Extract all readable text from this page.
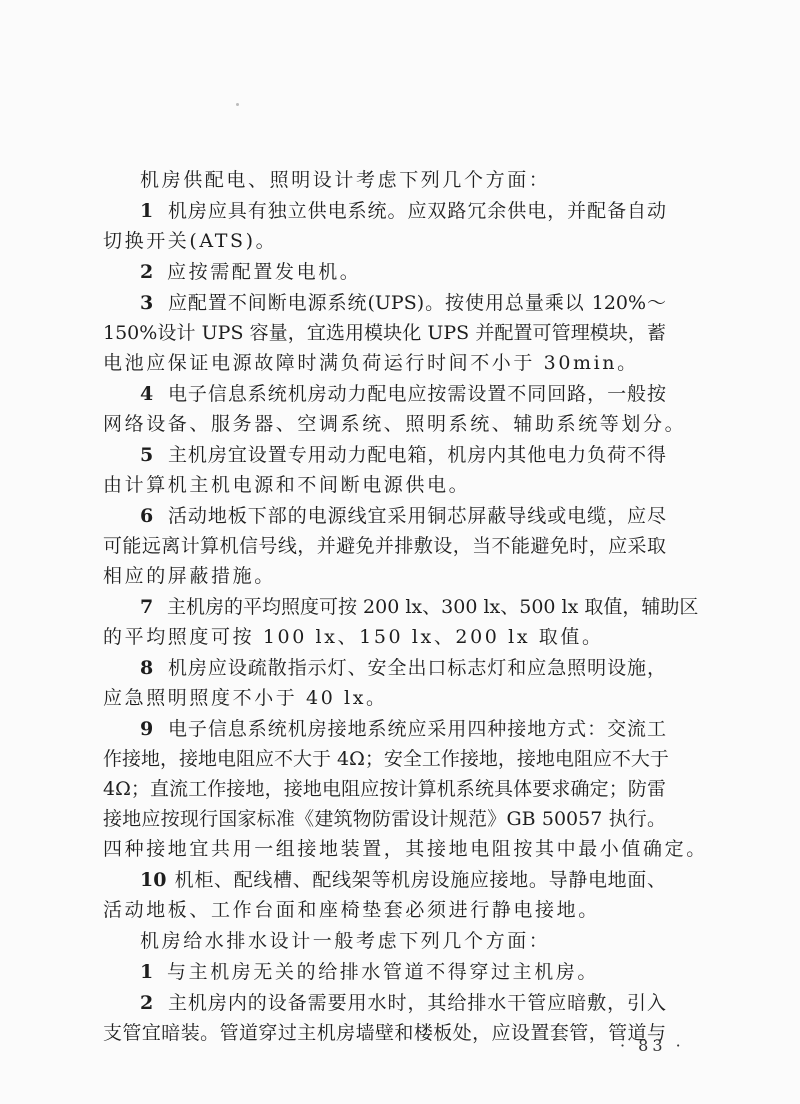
机房供配电、照明设计考虑下列几个方面：
1 机房应具有独立供电系统。应双路冗余供电，并配备自动
切换开关(ATS)。
2 应按需配置发电机。
3 应配置不间断电源系统(UPS)。按使用总量乘以 120%～
150%设计 UPS 容量，宜选用模块化 UPS 并配置可管理模块，蓄
电池应保证电源故障时满负荷运行时间不小于 30min。
4 电子信息系统机房动力配电应按需设置不同回路，一般按
网络设备、服务器、空调系统、照明系统、辅助系统等划分。
5 主机房宜设置专用动力配电箱，机房内其他电力负荷不得
由计算机主机电源和不间断电源供电。
6 活动地板下部的电源线宜采用铜芯屏蔽导线或电缆，应尽
可能远离计算机信号线，并避免并排敷设，当不能避免时，应采取
相应的屏蔽措施。
7 主机房的平均照度可按 200 lx、300 lx、500 lx 取值，辅助区
的平均照度可按 100 lx、150 lx、200 lx 取值。
8 机房应设疏散指示灯、安全出口标志灯和应急照明设施，
应急照明照度不小于 40 lx。
9 电子信息系统机房接地系统应采用四种接地方式：交流工
作接地，接地电阻应不大于 4Ω；安全工作接地，接地电阻应不大于
4Ω；直流工作接地，接地电阻应按计算机系统具体要求确定；防雷
接地应按现行国家标准《建筑物防雷设计规范》GB 50057 执行。
四种接地宜共用一组接地装置，其接地电阻按其中最小值确定。
10 机柜、配线槽、配线架等机房设施应接地。导静电地面、
活动地板、工作台面和座椅垫套必须进行静电接地。
机房给水排水设计一般考虑下列几个方面：
1 与主机房无关的给排水管道不得穿过主机房。
2 主机房内的设备需要用水时，其给排水干管应暗敷，引入
支管宜暗装。管道穿过主机房墙壁和楼板处，应设置套管，管道与
· 83 ·
